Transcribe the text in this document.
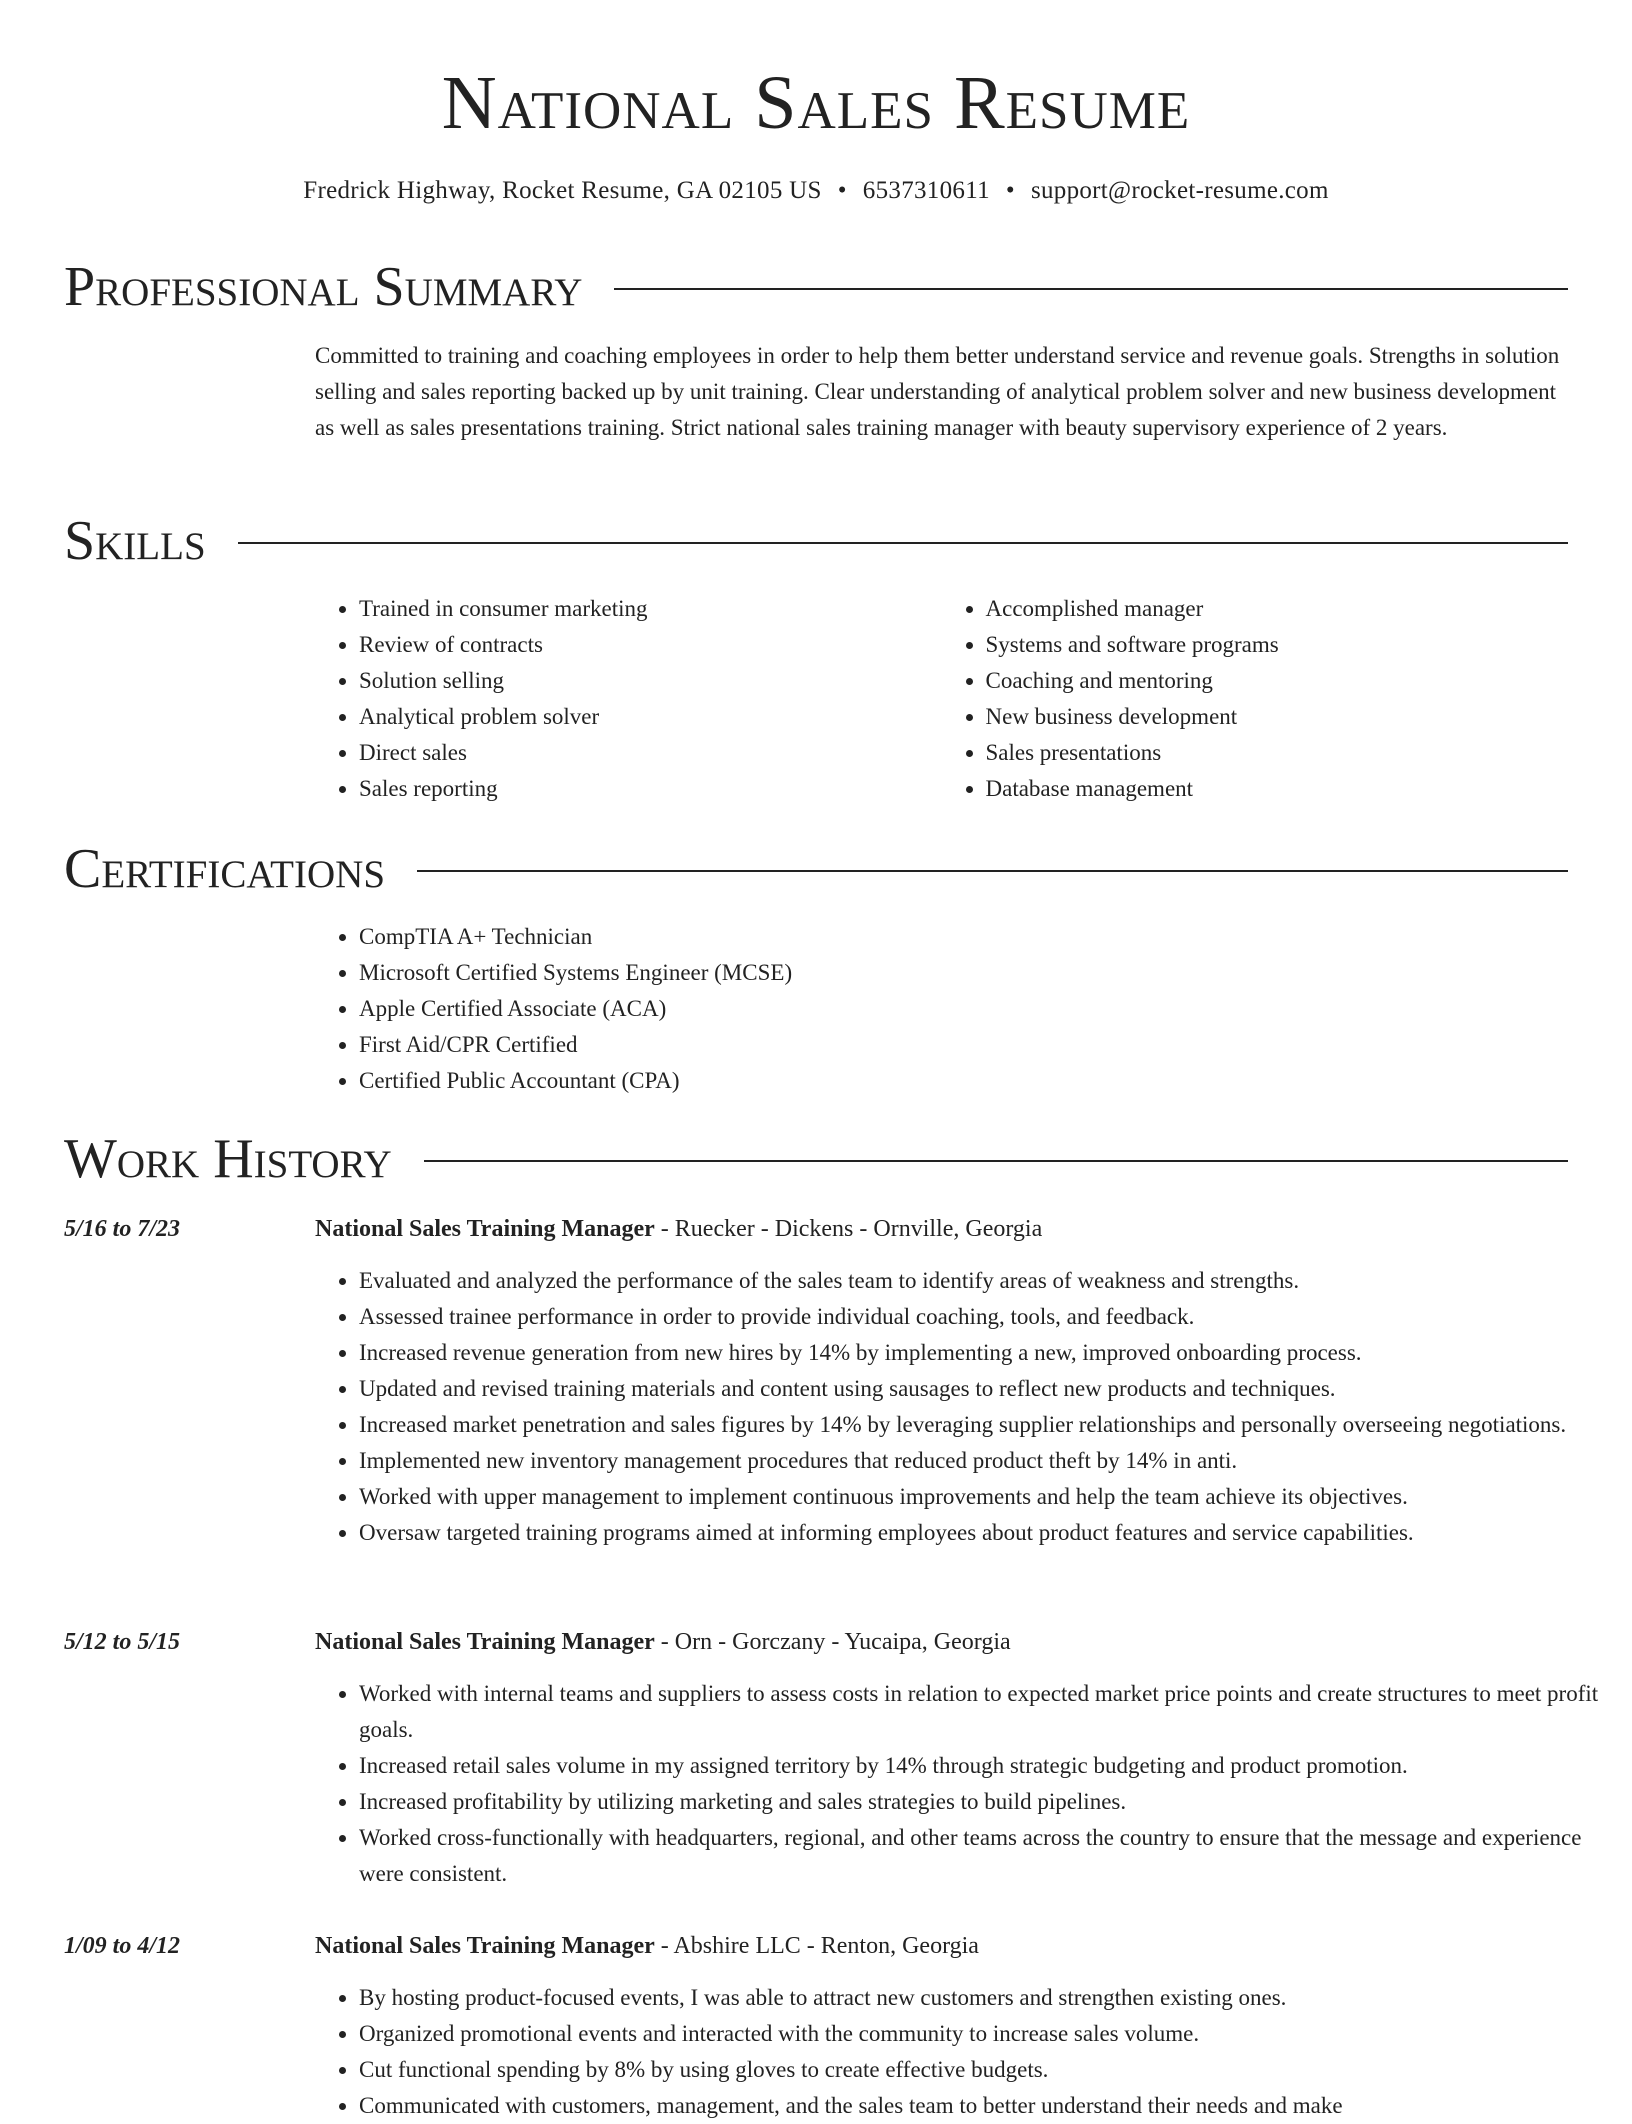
National Sales Resume
Fredrick Highway, Rocket Resume, GA 02105 US • 6537310611 • support@rocket-resume.com
Professional Summary

Committed to training and coaching employees in order to help them better understand service and revenue goals. Strengths in solution selling and sales reporting backed up by unit training. Clear understanding of analytical problem solver and new business development as well as sales presentations training. Strict national sales training manager with beauty supervisory experience of 2 years.

Skills
• Trained in consumer marketing
• Review of contracts
• Solution selling
• Analytical problem solver
• Direct sales
• Sales reporting
• Accomplished manager
• Systems and software programs
• Coaching and mentoring
• New business development
• Sales presentations
• Database management
Certifications
• CompTIA A+ Technician
• Microsoft Certified Systems Engineer (MCSE)
• Apple Certified Associate (ACA)
• First Aid/CPR Certified
• Certified Public Accountant (CPA)
Work History
5/16 to 7/23	National Sales Training Manager - Ruecker - Dickens - Ornville, Georgia
• Evaluated and analyzed the performance of the sales team to identify areas of weakness and strengths.
• Assessed trainee performance in order to provide individual coaching, tools, and feedback.
• Increased revenue generation from new hires by 14% by implementing a new, improved onboarding process.
• Updated and revised training materials and content using sausages to reflect new products and techniques.
• Increased market penetration and sales figures by 14% by leveraging supplier relationships and personally overseeing negotiations.
• Implemented new inventory management procedures that reduced product theft by 14% in anti.
• Worked with upper management to implement continuous improvements and help the team achieve its objectives.
• Oversaw targeted training programs aimed at informing employees about product features and service capabilities.
5/12 to 5/15	National Sales Training Manager - Orn - Gorczany - Yucaipa, Georgia
• Worked with internal teams and suppliers to assess costs in relation to expected market price points and create structures to meet profit goals.
• Increased retail sales volume in my assigned territory by 14% through strategic budgeting and product promotion.
• Increased profitability by utilizing marketing and sales strategies to build pipelines.
• Worked cross-functionally with headquarters, regional, and other teams across the country to ensure that the message and experience were consistent.
1/09 to 4/12	National Sales Training Manager - Abshire LLC - Renton, Georgia
• By hosting product-focused events, I was able to attract new customers and strengthen existing ones.
• Organized promotional events and interacted with the community to increase sales volume.
• Cut functional spending by 8% by using gloves to create effective budgets.
• Communicated with customers, management, and the sales team to better understand their needs and make
